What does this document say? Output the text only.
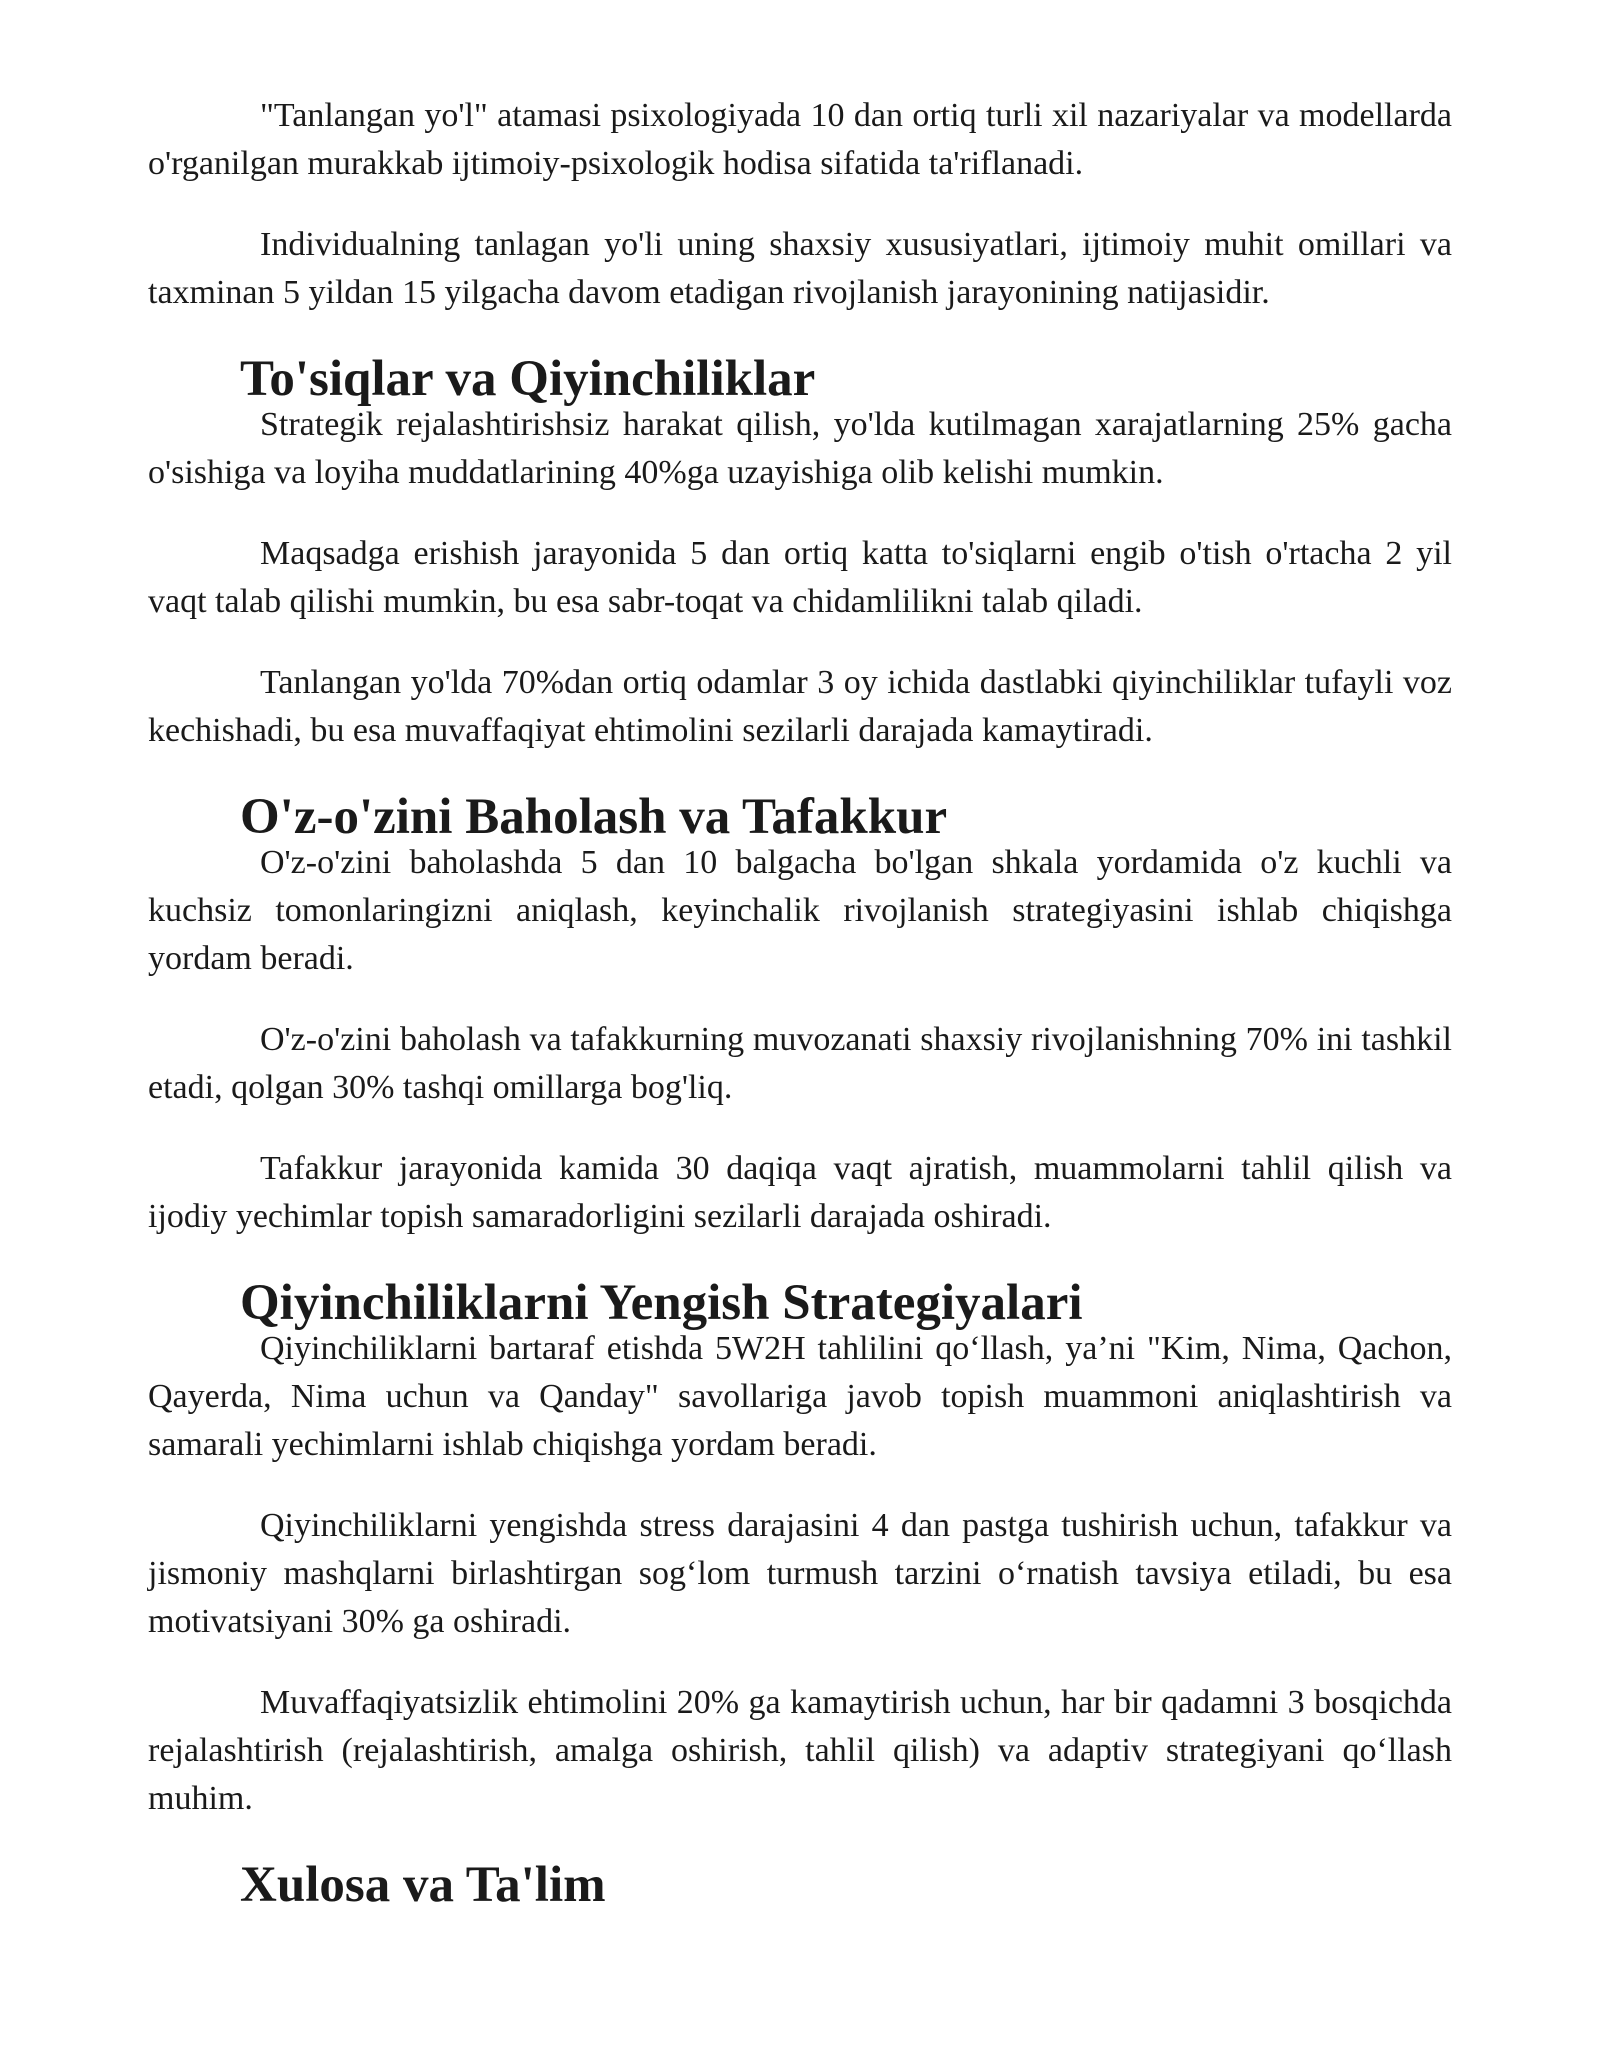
"Tanlangan yo'l" atamasi psixologiyada 10 dan ortiq turli xil nazariyalar va modellarda o'rganilgan murakkab ijtimoiy-psixologik hodisa sifatida ta'riflanadi.

Individualning tanlagan yo'li uning shaxsiy xususiyatlari, ijtimoiy muhit omillari va taxminan 5 yildan 15 yilgacha davom etadigan rivojlanish jarayonining natijasidir.

To'siqlar va Qiyinchiliklar

Strategik rejalashtirishsiz harakat qilish, yo'lda kutilmagan xarajatlarning 25% gacha o'sishiga va loyiha muddatlarining 40%ga uzayishiga olib kelishi mumkin.

Maqsadga erishish jarayonida 5 dan ortiq katta to'siqlarni engib o'tish o'rtacha 2 yil vaqt talab qilishi mumkin, bu esa sabr-toqat va chidamlilikni talab qiladi.

Tanlangan yo'lda 70%dan ortiq odamlar 3 oy ichida dastlabki qiyinchiliklar tufayli voz kechishadi, bu esa muvaffaqiyat ehtimolini sezilarli darajada kamaytiradi.

O'z-o'zini Baholash va Tafakkur

O'z-o'zini baholashda 5 dan 10 balgacha bo'lgan shkala yordamida o'z kuchli va kuchsiz tomonlaringizni aniqlash, keyinchalik rivojlanish strategiyasini ishlab chiqishga yordam beradi.

O'z-o'zini baholash va tafakkurning muvozanati shaxsiy rivojlanishning 70% ini tashkil etadi, qolgan 30% tashqi omillarga bog'liq.

Tafakkur jarayonida kamida 30 daqiqa vaqt ajratish, muammolarni tahlil qilish va ijodiy yechimlar topish samaradorligini sezilarli darajada oshiradi.

Qiyinchiliklarni Yengish Strategiyalari

Qiyinchiliklarni bartaraf etishda 5W2H tahlilini qo‘llash, ya’ni "Kim, Nima, Qachon, Qayerda, Nima uchun va Qanday" savollariga javob topish muammoni aniqlashtirish va samarali yechimlarni ishlab chiqishga yordam beradi.

Qiyinchiliklarni yengishda stress darajasini 4 dan pastga tushirish uchun, tafakkur va jismoniy mashqlarni birlashtirgan sog‘lom turmush tarzini o‘rnatish tavsiya etiladi, bu esa motivatsiyani 30% ga oshiradi.

Muvaffaqiyatsizlik ehtimolini 20% ga kamaytirish uchun, har bir qadamni 3 bosqichda rejalashtirish (rejalashtirish, amalga oshirish, tahlil qilish) va adaptiv strategiyani qo‘llash muhim.

Xulosa va Ta'lim
